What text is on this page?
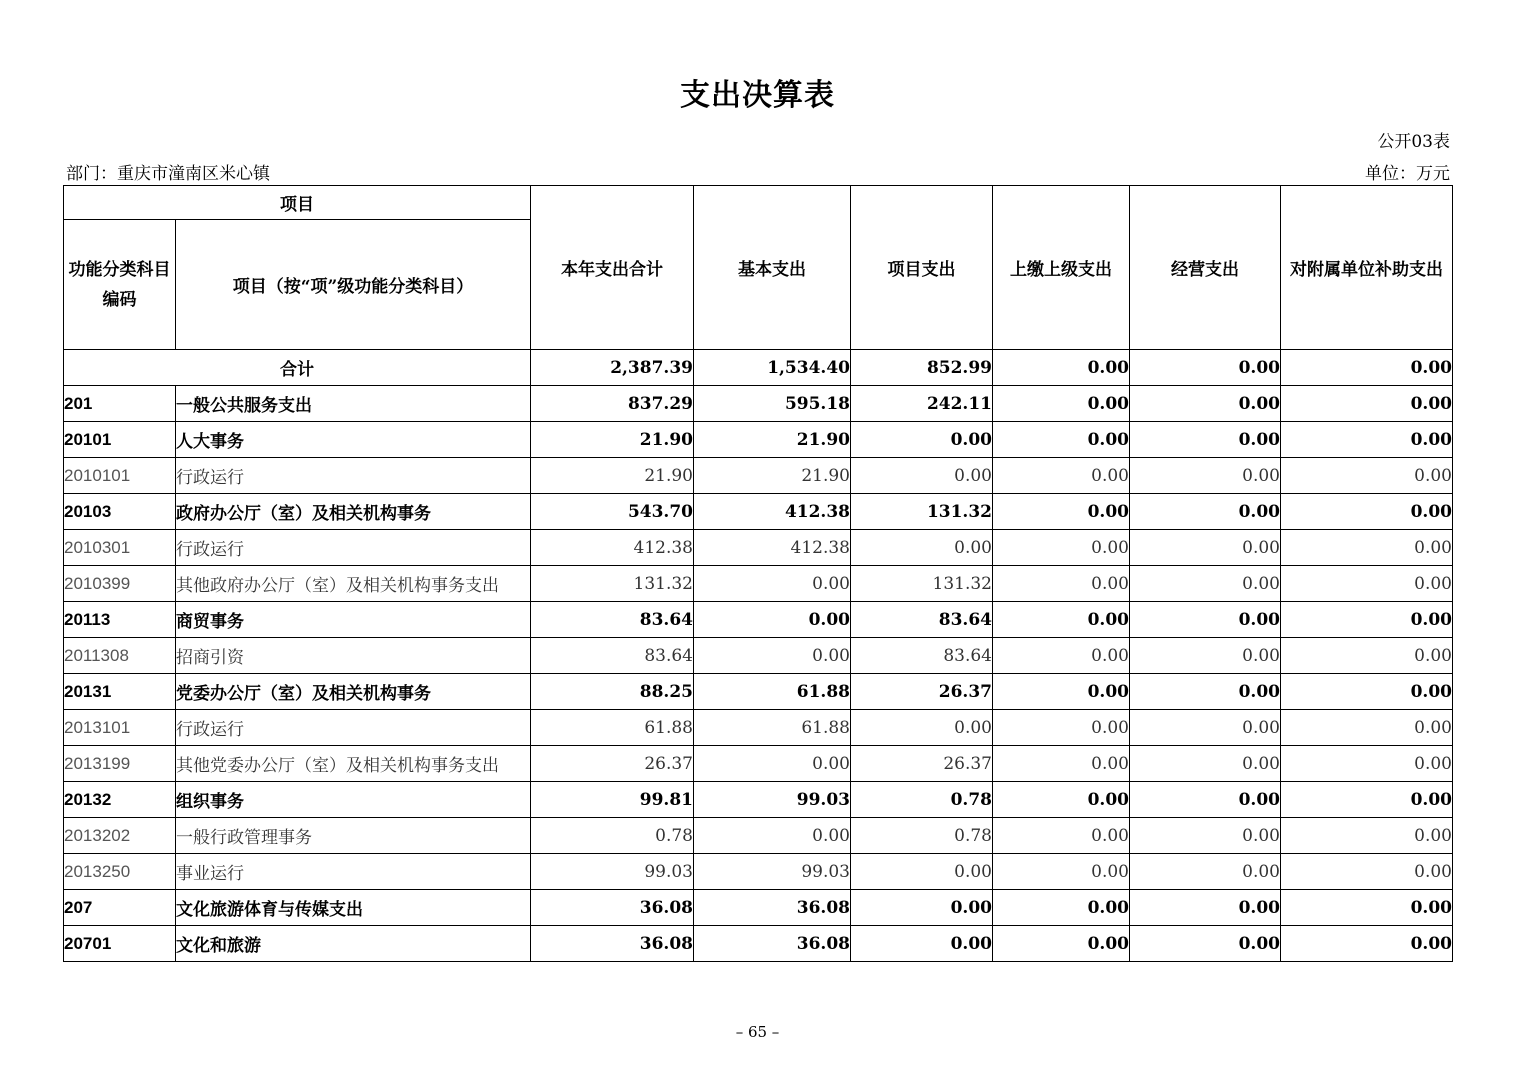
支出决算表
公开03表
部门：重庆市潼南区米心镇	单位：万元
项目		本年支出合计	基本支出	项目支出	上缴上级支出	经营支出	对附属单位补助支出
功能分类科目编码	项目（按“项”级功能分类科目）						
合计		2,387.39	1,534.40	852.99	0.00	0.00	0.00
201	一般公共服务支出	837.29	595.18	242.11	0.00	0.00	0.00
20101	人大事务	21.90	21.90	0.00	0.00	0.00	0.00
2010101	行政运行	21.90	21.90	0.00	0.00	0.00	0.00
20103	政府办公厅（室）及相关机构事务	543.70	412.38	131.32	0.00	0.00	0.00
2010301	行政运行	412.38	412.38	0.00	0.00	0.00	0.00
2010399	其他政府办公厅（室）及相关机构事务支出	131.32	0.00	131.32	0.00	0.00	0.00
20113	商贸事务	83.64	0.00	83.64	0.00	0.00	0.00
2011308	招商引资	83.64	0.00	83.64	0.00	0.00	0.00
20131	党委办公厅（室）及相关机构事务	88.25	61.88	26.37	0.00	0.00	0.00
2013101	行政运行	61.88	61.88	0.00	0.00	0.00	0.00
2013199	其他党委办公厅（室）及相关机构事务支出	26.37	0.00	26.37	0.00	0.00	0.00
20132	组织事务	99.81	99.03	0.78	0.00	0.00	0.00
2013202	一般行政管理事务	0.78	0.00	0.78	0.00	0.00	0.00
2013250	事业运行	99.03	99.03	0.00	0.00	0.00	0.00
207	文化旅游体育与传媒支出	36.08	36.08	0.00	0.00	0.00	0.00
20701	文化和旅游	36.08	36.08	0.00	0.00	0.00	0.00
– 65 –
